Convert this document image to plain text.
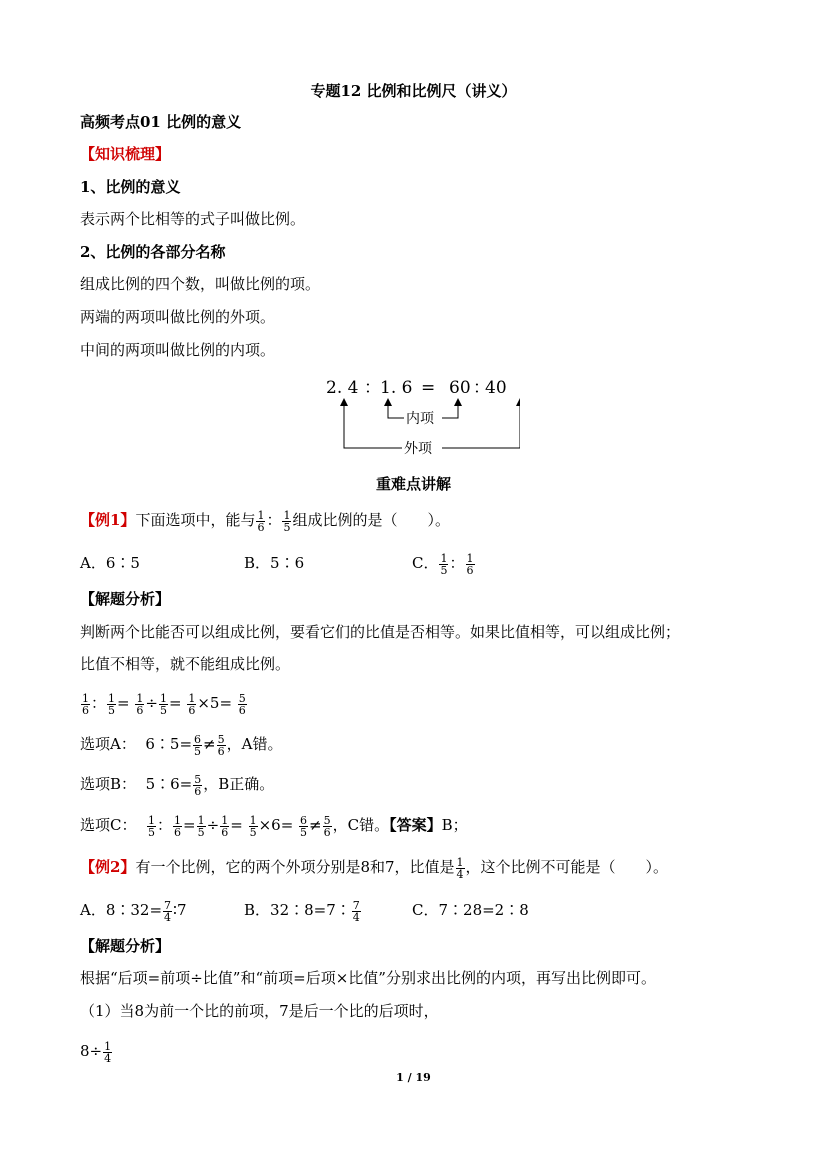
专题12 比例和比例尺（讲义）
高频考点01 比例的意义
【知识梳理】
1、比例的意义
表示两个比相等的式子叫做比例。
2、比例的各部分名称
组成比例的四个数，叫做比例的项。
两端的两项叫做比例的外项。
中间的两项叫做比例的内项。
2. 4 ： 1. 6 = 60 ：
40
内项
外项
重难点讲解
【例1】下面选项中，能与 $\frac{1}{6}$ ： $\frac{1}{5}$ 组成比例的是（　　）。
A．6∶5	B．5∶6	C． $\frac{1}{5}$ ： $\frac{1}{6}$
【解题分析】
判断两个比能否可以组成比例，要看它们的比值是否相等。如果比值相等，可以组成比例；
比值不相等，就不能组成比例。
$\frac{1}{6}$ ： $\frac{1}{5} = \frac{1}{6} \div \frac{1}{5} = \frac{1}{6} \times 5= \frac{5}{6}$
选项A： 6∶5= $\frac{6}{5} \ne \frac{5}{6}$ ，A错。
选项B： 5∶6= $\frac{5}{6}$ ，B正确。
选项C： $\frac{1}{5}$ ： $\frac{1}{6} = \frac{1}{5} \div \frac{1}{6} = \frac{1}{5} \times 6= \frac{6}{5} \ne \frac{5}{6}$ ，C错。【答案】B；
【例2】有一个比例，它的两个外项分别是8和7，比值是 $\frac{1}{4}$ ，这个比例不可能是（　　）。
A．8∶32= $\frac{7}{4}$ ∶7	B．32∶8=7∶ $\frac{7}{4}$	C．7∶28=2∶8
【解题分析】
根据“后项=前项÷比值”和“前项=后项×比值”分别求出比例的内项，再写出比例即可。
（1）当8为前一个比的前项，7是后一个比的后项时，
$8\div \frac{1}{4}$
1 / 19
